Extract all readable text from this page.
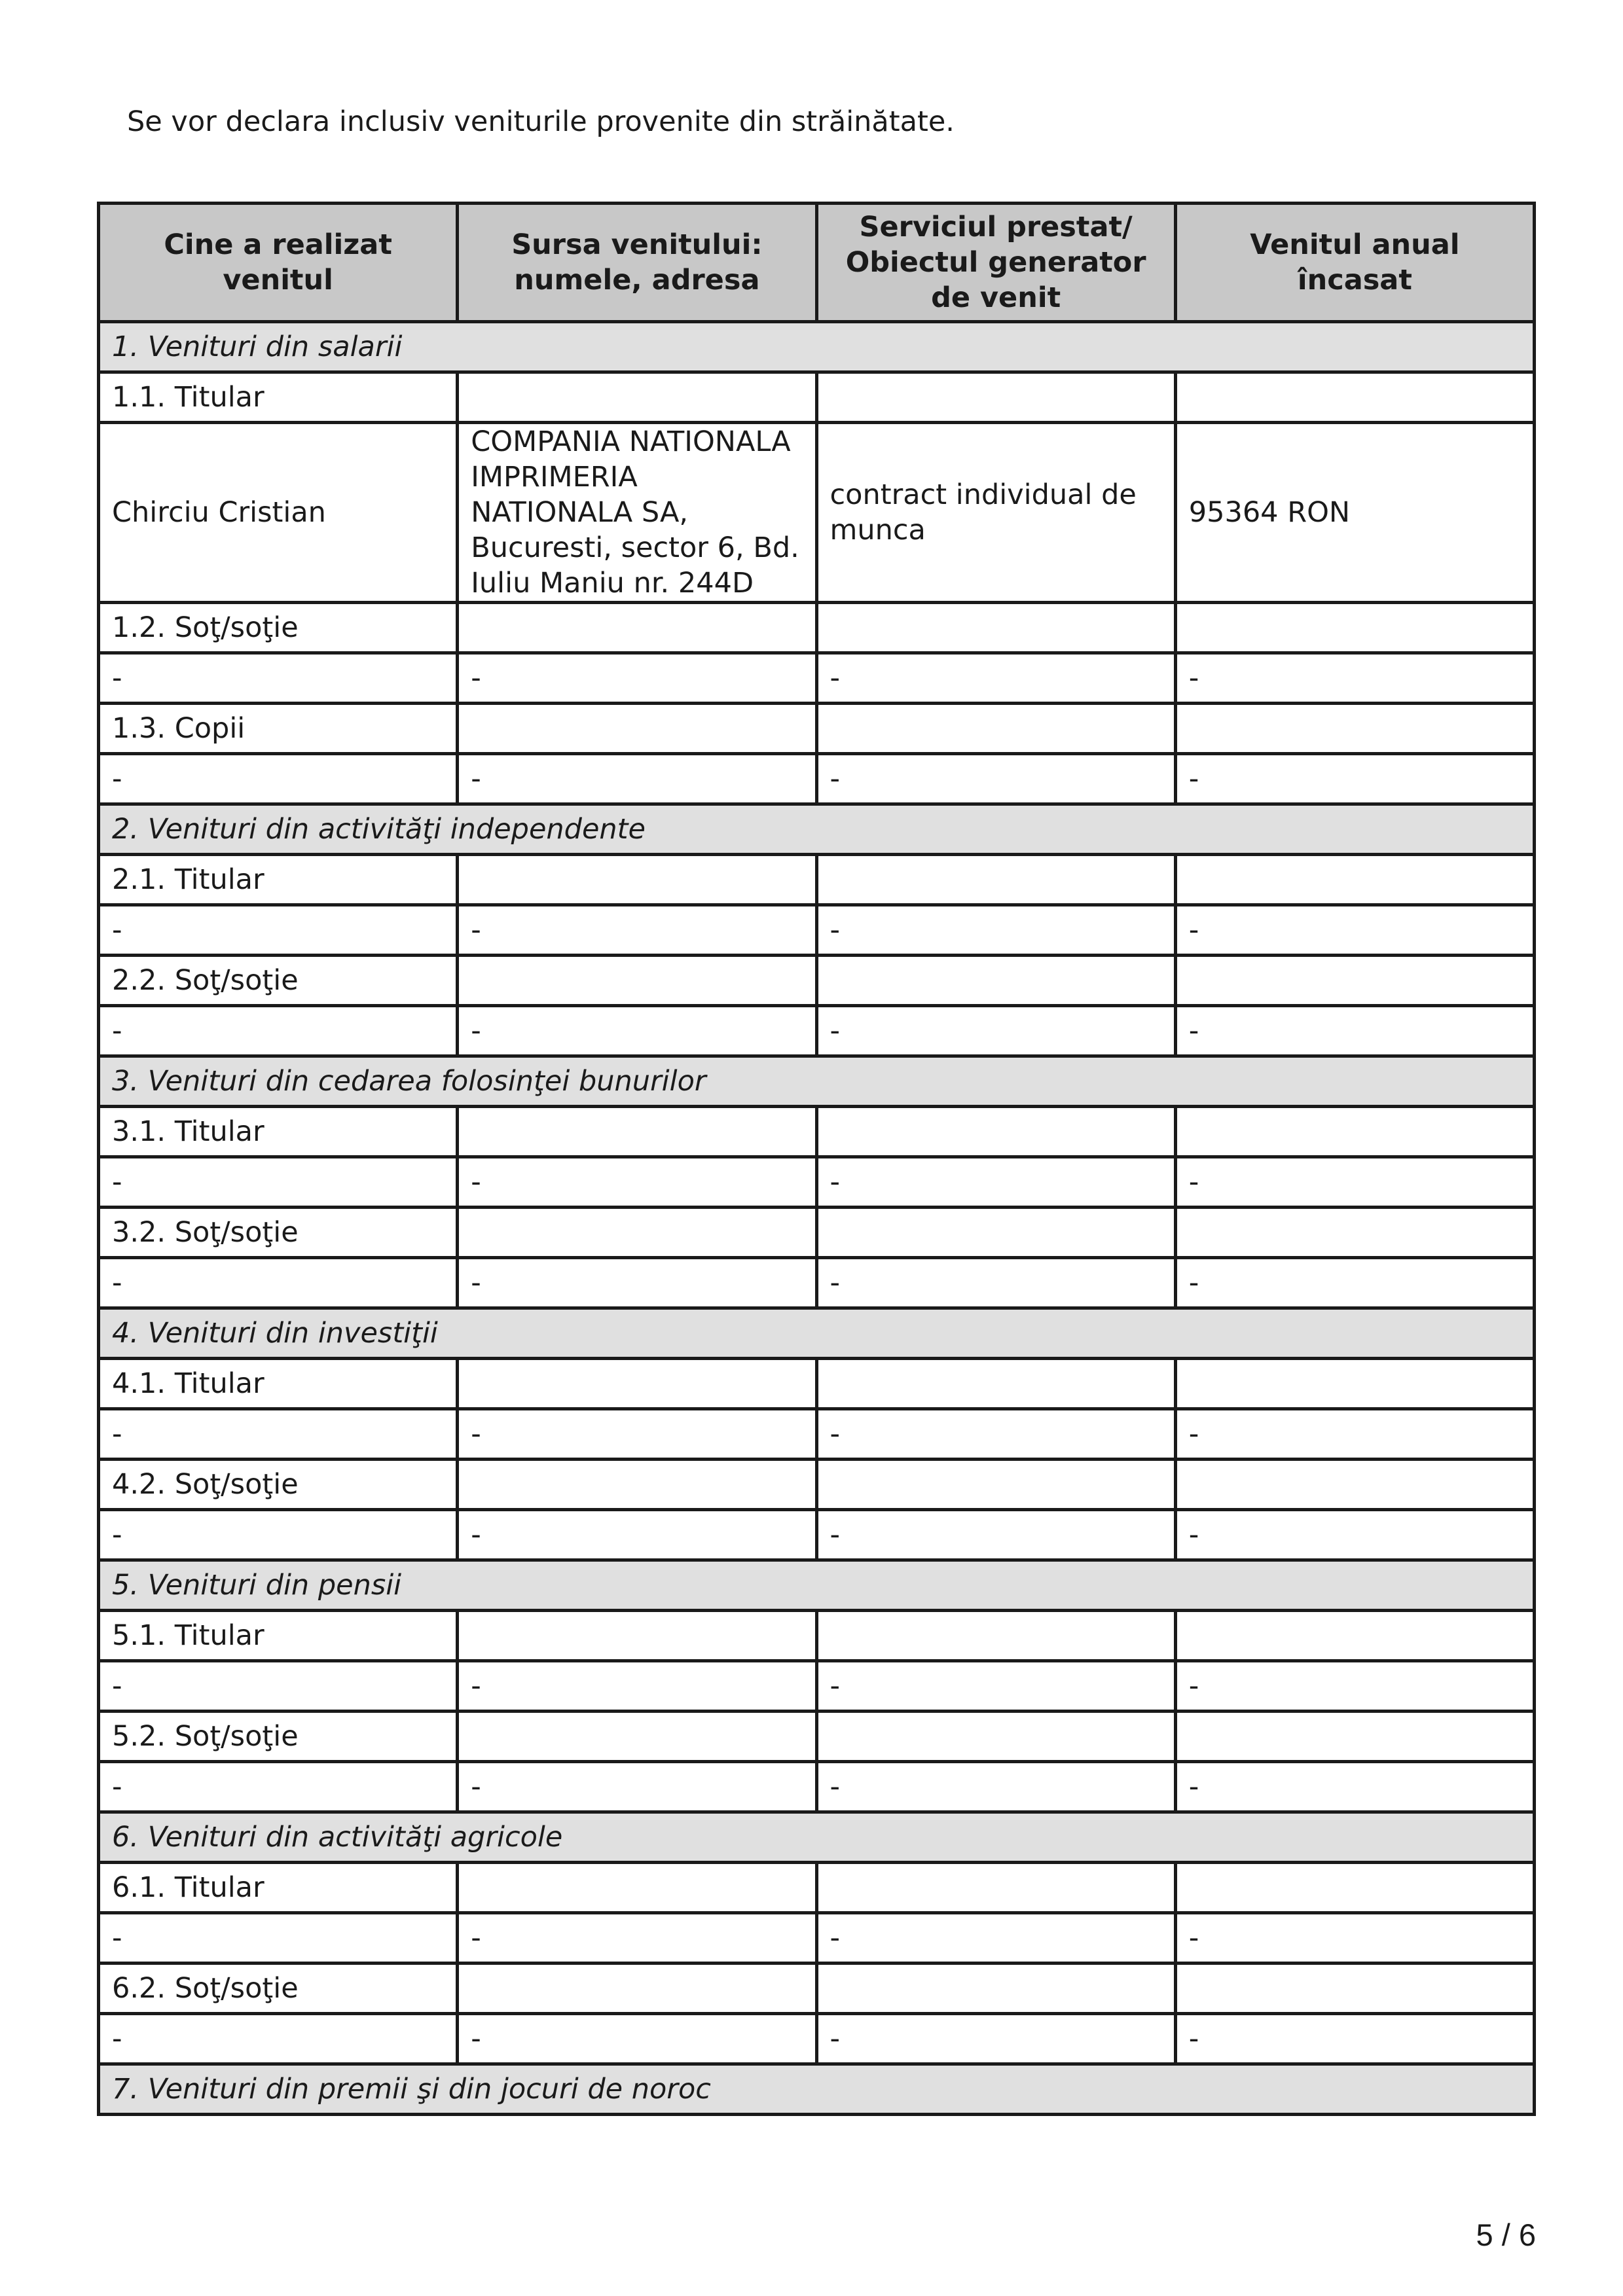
Se vor declara inclusiv veniturile provenite din străinătate.
Cine a realizat venitul	Sursa venitului: numele, adresa	Serviciul prestat/ Obiectul generator de venit	Venitul anual încasat
1. Venituri din salarii			
1.1. Titular			
Chirciu Cristian	COMPANIA NATIONALA IMPRIMERIA NATIONALA SA, Bucuresti, sector 6, Bd. Iuliu Maniu nr. 244D	contract individual de munca	95364 RON
1.2. Soţ/soţie			
-	-	-	-
1.3. Copii			
-	-	-	-
2. Venituri din activităţi independente			
2.1. Titular			
-	-	-	-
2.2. Soţ/soţie			
-	-	-	-
3. Venituri din cedarea folosinţei bunurilor			
3.1. Titular			
-	-	-	-
3.2. Soţ/soţie			
-	-	-	-
4. Venituri din investiţii			
4.1. Titular			
-	-	-	-
4.2. Soţ/soţie			
-	-	-	-
5. Venituri din pensii			
5.1. Titular			
-	-	-	-
5.2. Soţ/soţie			
-	-	-	-
6. Venituri din activităţi agricole			
6.1. Titular			
-	-	-	-
6.2. Soţ/soţie			
-	-	-	-
7. Venituri din premii şi din jocuri de noroc			
5 / 6
